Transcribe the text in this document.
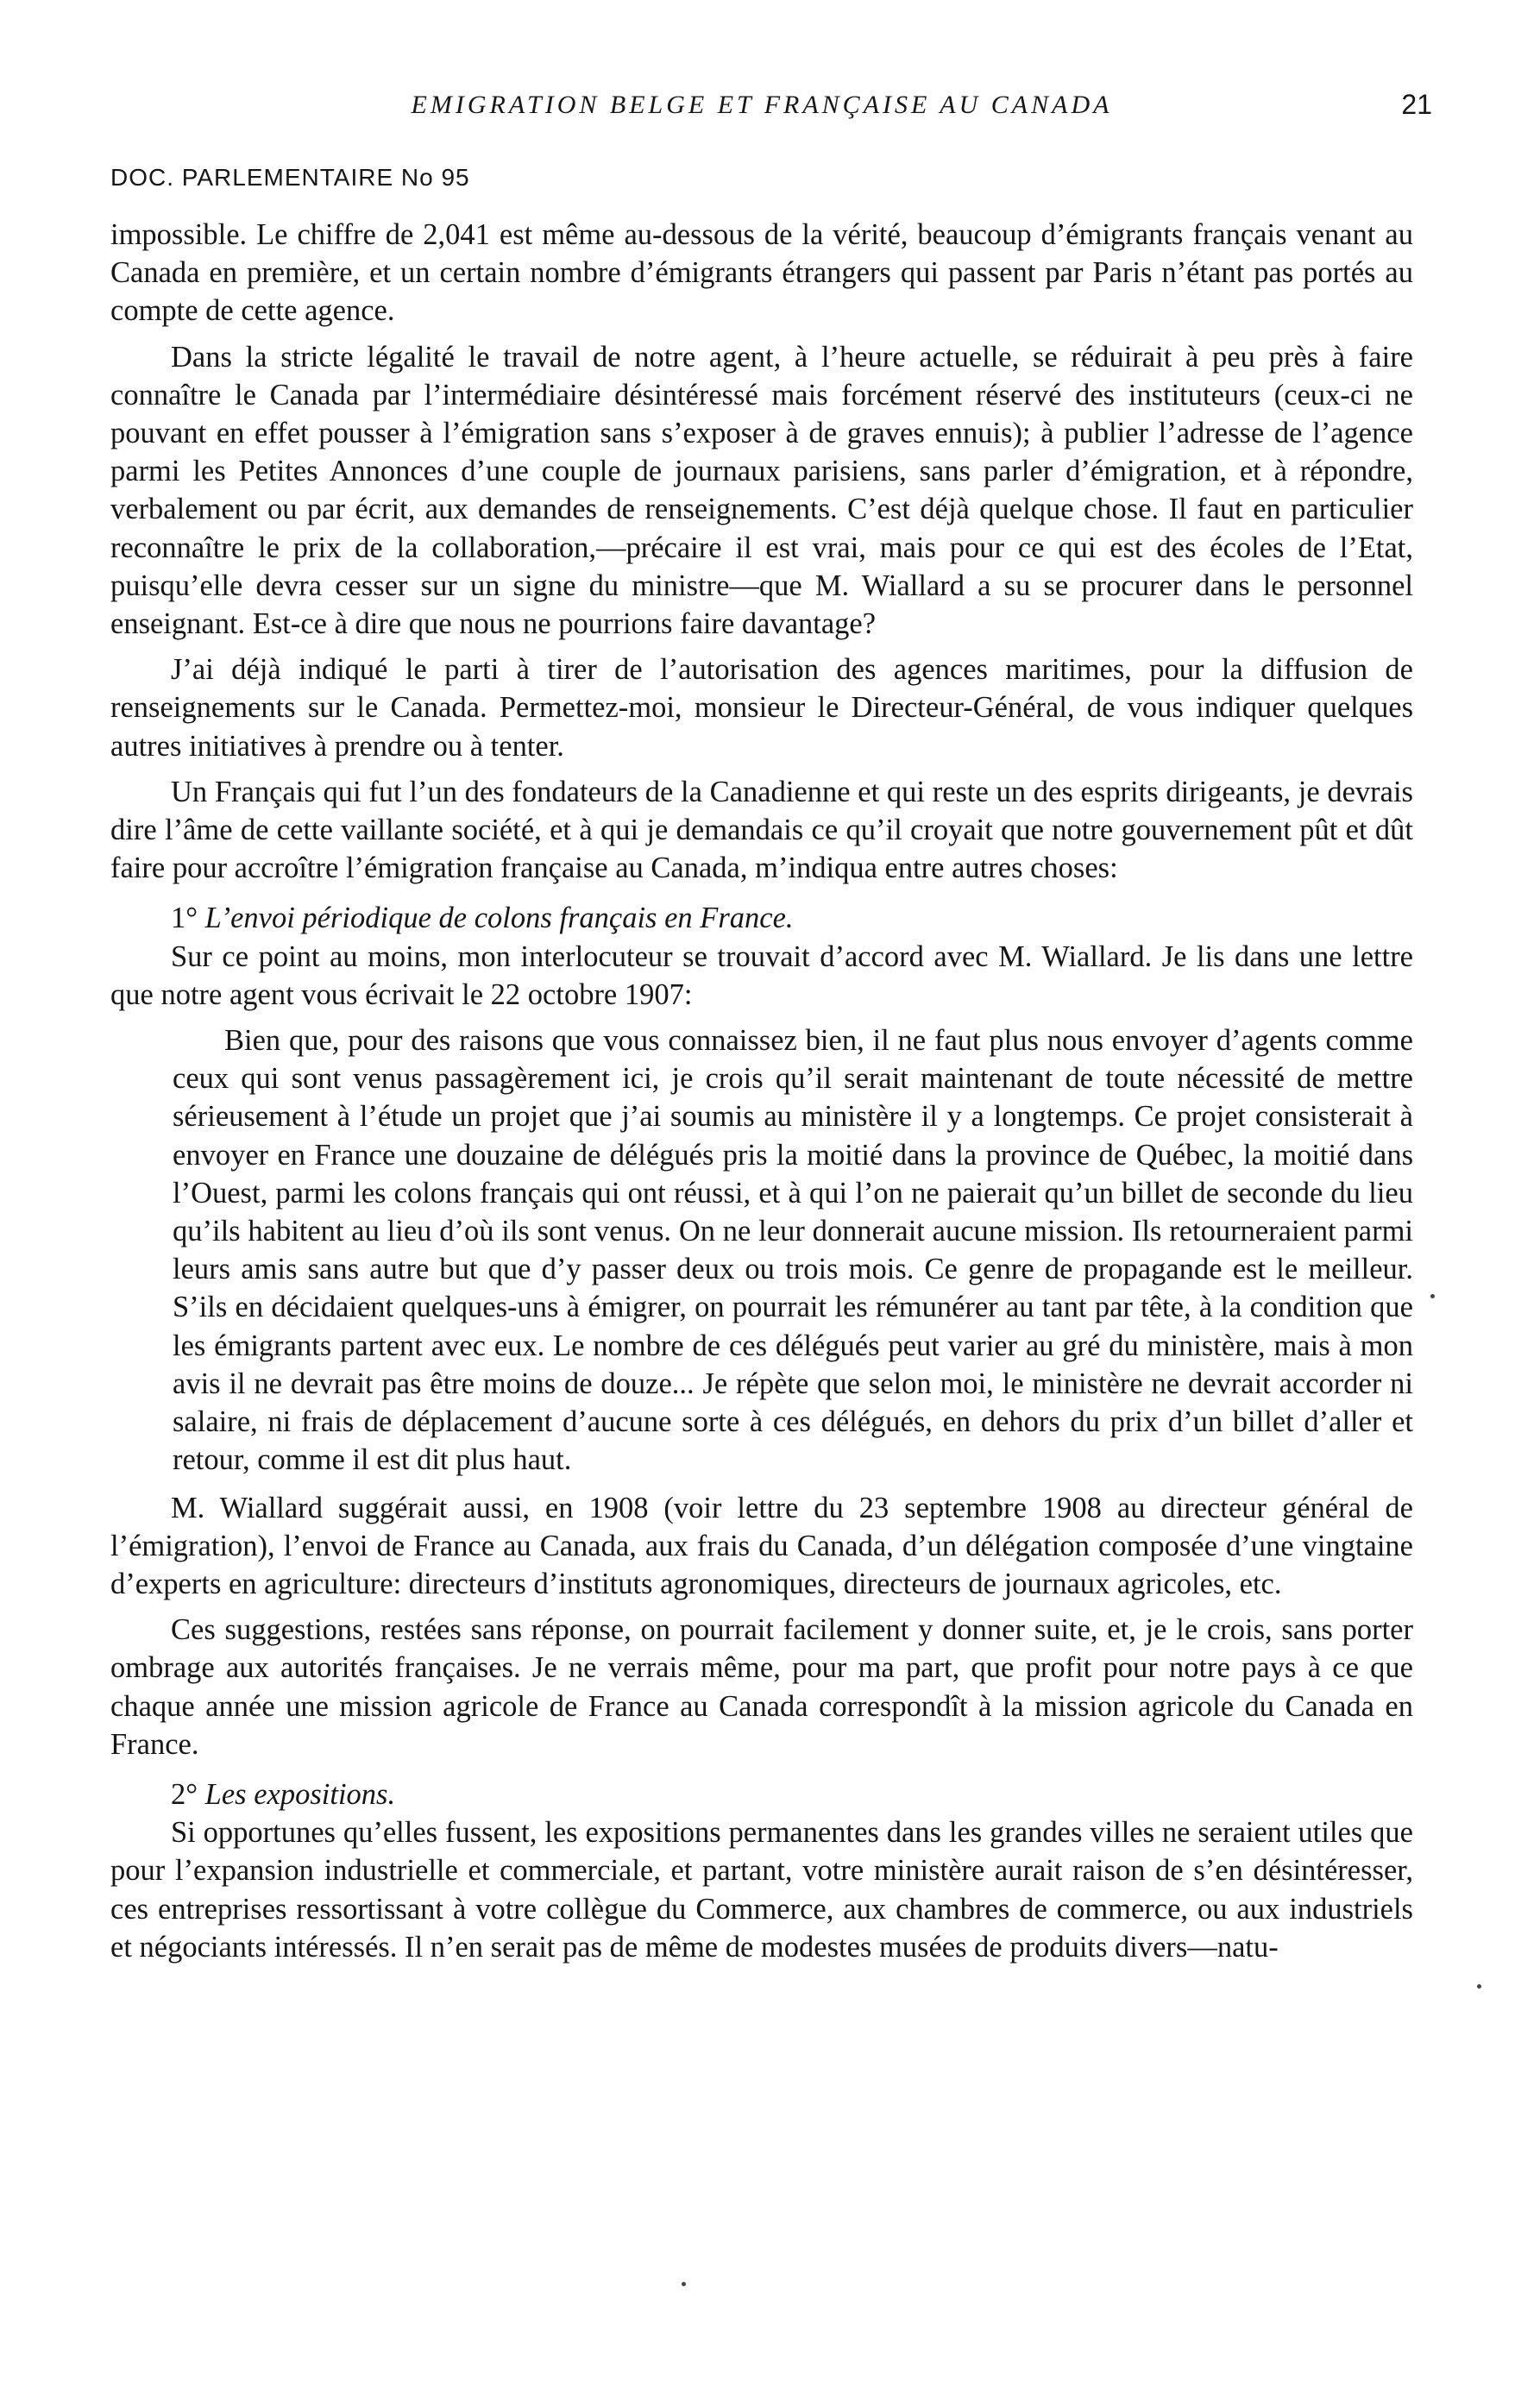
EMIGRATION BELGE ET FRANÇAISE AU CANADA	21
DOC. PARLEMENTAIRE No 95

impossible. Le chiffre de 2,041 est même au-dessous de la vérité, beaucoup d’émigrants français venant au Canada en première, et un certain nombre d’émigrants étrangers qui passent par Paris n’étant pas portés au compte de cette agence.

Dans la stricte légalité le travail de notre agent, à l’heure actuelle, se réduirait à peu près à faire connaître le Canada par l’intermédiaire désintéressé mais forcément réservé des instituteurs (ceux-ci ne pouvant en effet pousser à l’émigration sans s’exposer à de graves ennuis); à publier l’adresse de l’agence parmi les Petites Annonces d’une couple de journaux parisiens, sans parler d’émigration, et à répondre, verbalement ou par écrit, aux demandes de renseignements. C’est déjà quelque chose. Il faut en particulier reconnaître le prix de la collaboration,—précaire il est vrai, mais pour ce qui est des écoles de l’Etat, puisqu’elle devra cesser sur un signe du ministre—que M. Wiallard a su se procurer dans le personnel enseignant. Est-ce à dire que nous ne pourrions faire davantage?

J’ai déjà indiqué le parti à tirer de l’autorisation des agences maritimes, pour la diffusion de renseignements sur le Canada. Permettez-moi, monsieur le Directeur-Général, de vous indiquer quelques autres initiatives à prendre ou à tenter.

Un Français qui fut l’un des fondateurs de la Canadienne et qui reste un des esprits dirigeants, je devrais dire l’âme de cette vaillante société, et à qui je demandais ce qu’il croyait que notre gouvernement pût et dût faire pour accroître l’émigration française au Canada, m’indiqua entre autres choses:

1° L’envoi périodique de colons français en France.

Sur ce point au moins, mon interlocuteur se trouvait d’accord avec M. Wiallard. Je lis dans une lettre que notre agent vous écrivait le 22 octobre 1907:

Bien que, pour des raisons que vous connaissez bien, il ne faut plus nous envoyer d’agents comme ceux qui sont venus passagèrement ici, je crois qu’il serait maintenant de toute nécessité de mettre sérieusement à l’étude un projet que j’ai soumis au ministère il y a longtemps. Ce projet consisterait à envoyer en France une douzaine de délégués pris la moitié dans la province de Québec, la moitié dans l’Ouest, parmi les colons français qui ont réussi, et à qui l’on ne paierait qu’un billet de seconde du lieu qu’ils habitent au lieu d’où ils sont venus. On ne leur donnerait aucune mission. Ils retourneraient parmi leurs amis sans autre but que d’y passer deux ou trois mois. Ce genre de propagande est le meilleur. S’ils en décidaient quelques-uns à émigrer, on pourrait les rémunérer au tant par tête, à la condition que les émigrants partent avec eux. Le nombre de ces délégués peut varier au gré du ministère, mais à mon avis il ne devrait pas être moins de douze... Je répète que selon moi, le ministère ne devrait accorder ni salaire, ni frais de déplacement d’aucune sorte à ces délégués, en dehors du prix d’un billet d’aller et retour, comme il est dit plus haut.

M. Wiallard suggérait aussi, en 1908 (voir lettre du 23 septembre 1908 au directeur général de l’émigration), l’envoi de France au Canada, aux frais du Canada, d’un délégation composée d’une vingtaine d’experts en agriculture: directeurs d’instituts agronomiques, directeurs de journaux agricoles, etc.

Ces suggestions, restées sans réponse, on pourrait facilement y donner suite, et, je le crois, sans porter ombrage aux autorités françaises. Je ne verrais même, pour ma part, que profit pour notre pays à ce que chaque année une mission agricole de France au Canada correspondît à la mission agricole du Canada en France.

2° Les expositions.

Si opportunes qu’elles fussent, les expositions permanentes dans les grandes villes ne seraient utiles que pour l’expansion industrielle et commerciale, et partant, votre ministère aurait raison de s’en désintéresser, ces entreprises ressortissant à votre collègue du Commerce, aux chambres de commerce, ou aux industriels et négociants intéressés. Il n’en serait pas de même de modestes musées de produits divers—natu-
